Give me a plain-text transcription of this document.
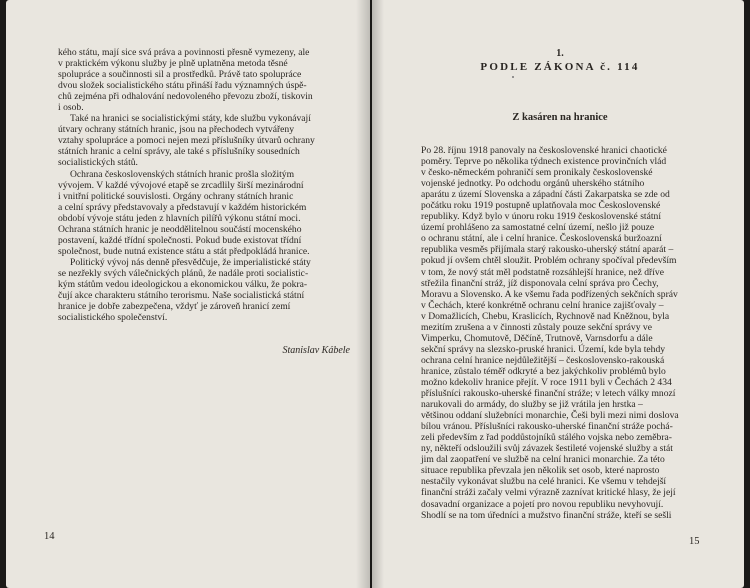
kého státu, mají sice svá práva a povinnosti přesně vymezeny, ale
v praktickém výkonu služby je plně uplatněna metoda těsné
spolupráce a součinnosti sil a prostředků. Právě tato spolupráce
dvou složek socialistického státu přináší řadu významných úspě-
chů zejména při odhalování nedovoleného převozu zboží, tiskovin
i osob.

Také na hranici se socialistickými státy, kde službu vykonávají
útvary ochrany státních hranic, jsou na přechodech vytvářeny
vztahy spolupráce a pomoci nejen mezi příslušníky útvarů ochrany
státních hranic a celní správy, ale také s příslušníky sousedních
socialistických států.

Ochrana československých státních hranic prošla složitým
vývojem. V každé vývojové etapě se zrcadlily širší mezinárodní
i vnitřní politické souvislosti. Orgány ochrany státních hranic
a celní správy představovaly a představují v každém historickém
období vývoje státu jeden z hlavních pilířů výkonu státní moci.
Ochrana státních hranic je neoddělitelnou součástí mocenského
postavení, každé třídní společnosti. Pokud bude existovat třídní
společnost, bude nutná existence státu a stát předpokládá hranice.

Politický vývoj nás denně přesvědčuje, že imperialistické státy
se nezřekly svých válečnických plánů, že nadále proti socialistic-
kým státům vedou ideologickou a ekonomickou válku, že pokra-
čují akce charakteru státního terorismu. Naše socialistická státní
hranice je dobře zabezpečena, vždyť je zároveň hranicí zemí
socialistického společenství.

Stanislav Kábele

14
1.
PODLE ZÁKONA č. 114
Z kasáren na hranice

Po 28. říjnu 1918 panovaly na československé hranici chaotické
poměry. Teprve po několika týdnech existence provinčních vlád
v česko-německém pohraničí sem pronikaly československé
vojenské jednotky. Po odchodu orgánů uherského státního
aparátu z území Slovenska a západní části Zakarpatska se zde od
počátku roku 1919 postupně uplatňovala moc Československé
republiky. Když bylo v únoru roku 1919 československé státní
území prohlášeno za samostatné celní území, nešlo již pouze
o ochranu státní, ale i celní hranice. Československá buržoazní
republika vesměs přijímala starý rakousko-uherský státní aparát –
pokud jí ovšem chtěl sloužit. Problém ochrany spočíval především
v tom, že nový stát měl podstatně rozsáhlejší hranice, než dříve
střežila finanční stráž, jíž disponovala celní správa pro Čechy,
Moravu a Slovensko. A ke všemu řada podřízených sekčních správ
v Čechách, které konkrétně ochranu celní hranice zajišťovaly –
v Domažlicích, Chebu, Kraslicích, Rychnově nad Kněžnou, byla
mezitím zrušena a v činnosti zůstaly pouze sekční správy ve
Vimperku, Chomutově, Děčíně, Trutnově, Varnsdorfu a dále
sekční správy na slezsko-pruské hranici. Území, kde byla tehdy
ochrana celní hranice nejdůležitější – československo-rakouská
hranice, zůstalo téměř odkryté a bez jakýchkoliv problémů bylo
možno kdekoliv hranice přejít. V roce 1911 byli v Čechách 2 434
příslušníci rakousko-uherské finanční stráže; v letech války mnozí
narukovali do armády, do služby se již vrátila jen hrstka –
většinou oddaní služebníci monarchie, Češi byli mezi nimi doslova
bílou vránou. Příslušníci rakousko-uherské finanční stráže pochá-
zeli především z řad poddůstojníků stálého vojska nebo zeměbra-
ny, někteří odsloužili svůj závazek šestileté vojenské služby a stát
jim dal zaopatření ve službě na celní hranici monarchie. Za této
situace republika převzala jen několik set osob, které naprosto
nestačily vykonávat službu na celé hranici. Ke všemu v tehdejší
finanční stráži začaly velmi výrazně zaznívat kritické hlasy, že její
dosavadní organizace a pojetí pro novou republiku nevyhovují.
Shodlí se na tom úředníci a mužstvo finanční stráže, kteří se sešli

15
